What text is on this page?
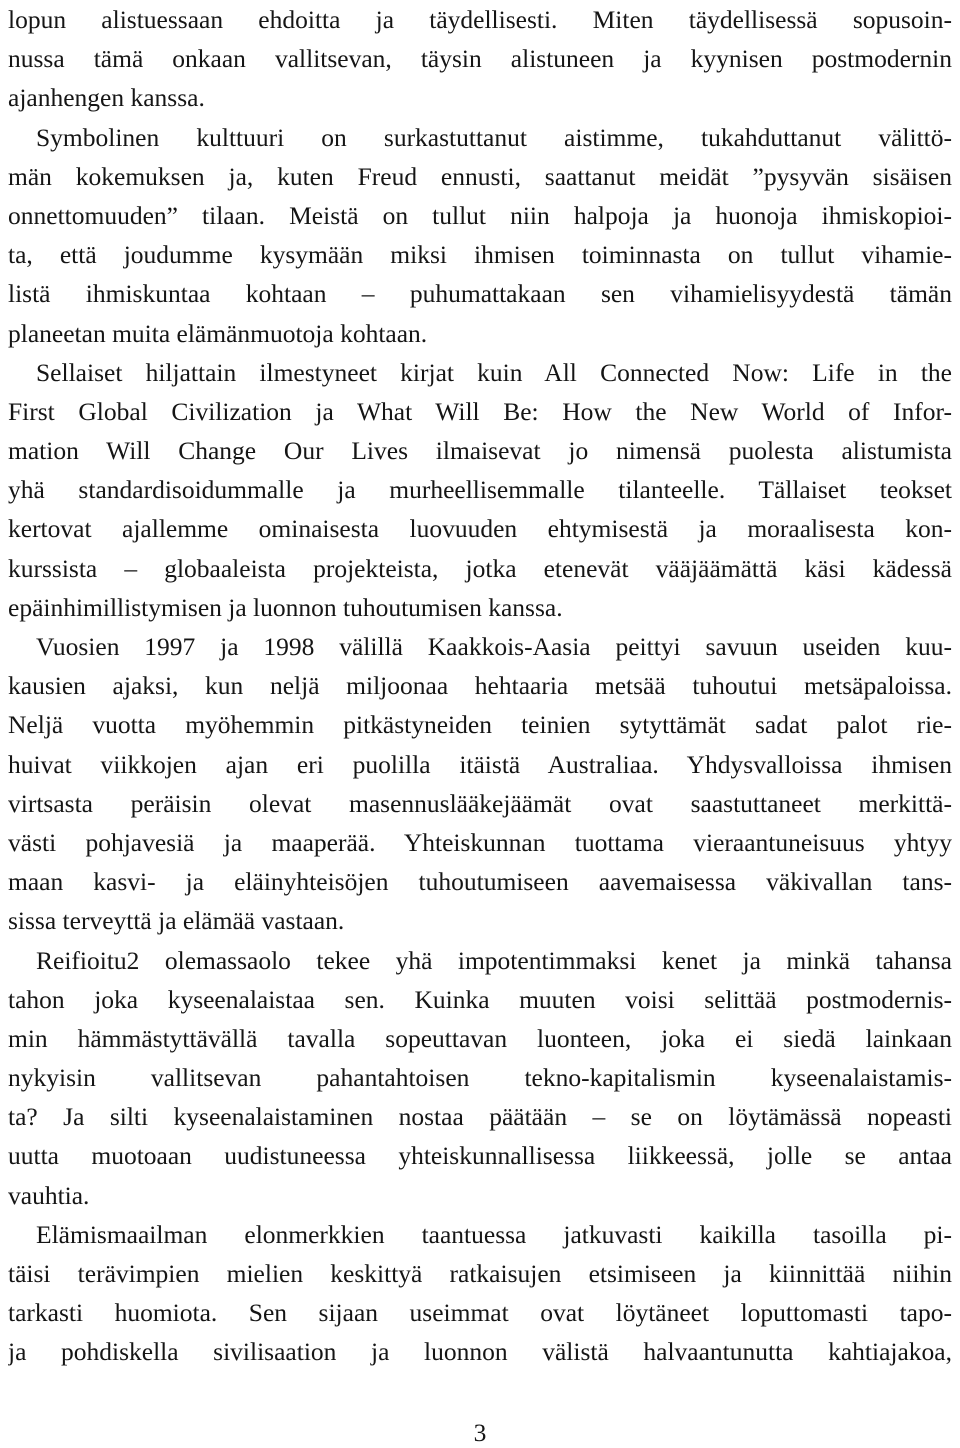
lopun alistuessaan ehdoitta ja täydellisesti. Miten täydellisessä sopusoin-
nussa tämä onkaan vallitsevan, täysin alistuneen ja kyynisen postmodernin
ajanhengen kanssa.
Symbolinen kulttuuri on surkastuttanut aistimme, tukahduttanut välittö-
män kokemuksen ja, kuten Freud ennusti, saattanut meidät ”pysyvän sisäisen
onnettomuuden” tilaan. Meistä on tullut niin halpoja ja huonoja ihmiskopioi-
ta, että joudumme kysymään miksi ihmisen toiminnasta on tullut vihamie-
listä ihmiskuntaa kohtaan – puhumattakaan sen vihamielisyydestä tämän
planeetan muita elämänmuotoja kohtaan.
Sellaiset hiljattain ilmestyneet kirjat kuin All Connected Now: Life in the
First Global Civilization ja What Will Be: How the New World of Infor-
mation Will Change Our Lives ilmaisevat jo nimensä puolesta alistumista
yhä standardisoidummalle ja murheellisemmalle tilanteelle. Tällaiset teokset
kertovat ajallemme ominaisesta luovuuden ehtymisestä ja moraalisesta kon-
kurssista – globaaleista projekteista, jotka etenevät vääjäämättä käsi kädessä
epäinhimillistymisen ja luonnon tuhoutumisen kanssa.
Vuosien 1997 ja 1998 välillä Kaakkois-Aasia peittyi savuun useiden kuu-
kausien ajaksi, kun neljä miljoonaa hehtaaria metsää tuhoutui metsäpaloissa.
Neljä vuotta myöhemmin pitkästyneiden teinien sytyttämät sadat palot rie-
huivat viikkojen ajan eri puolilla itäistä Australiaa. Yhdysvalloissa ihmisen
virtsasta peräisin olevat masennuslääkejäämät ovat saastuttaneet merkittä-
västi pohjavesiä ja maaperää. Yhteiskunnan tuottama vieraantuneisuus yhtyy
maan kasvi- ja eläinyhteisöjen tuhoutumiseen aavemaisessa väkivallan tans-
sissa terveyttä ja elämää vastaan.
Reifioitu2 olemassaolo tekee yhä impotentimmaksi kenet ja minkä tahansa
tahon joka kyseenalaistaa sen. Kuinka muuten voisi selittää postmodernis-
min hämmästyttävällä tavalla sopeuttavan luonteen, joka ei siedä lainkaan
nykyisin vallitsevan pahantahtoisen tekno-kapitalismin kyseenalaistamis-
ta? Ja silti kyseenalaistaminen nostaa päätään – se on löytämässä nopeasti
uutta muotoaan uudistuneessa yhteiskunnallisessa liikkeessä, jolle se antaa
vauhtia.
Elämismaailman elonmerkkien taantuessa jatkuvasti kaikilla tasoilla pi-
täisi terävimpien mielien keskittyä ratkaisujen etsimiseen ja kiinnittää niihin
tarkasti huomiota. Sen sijaan useimmat ovat löytäneet loputtomasti tapo-
ja pohdiskella sivilisaation ja luonnon välistä halvaantunutta kahtiajakoa,
3
